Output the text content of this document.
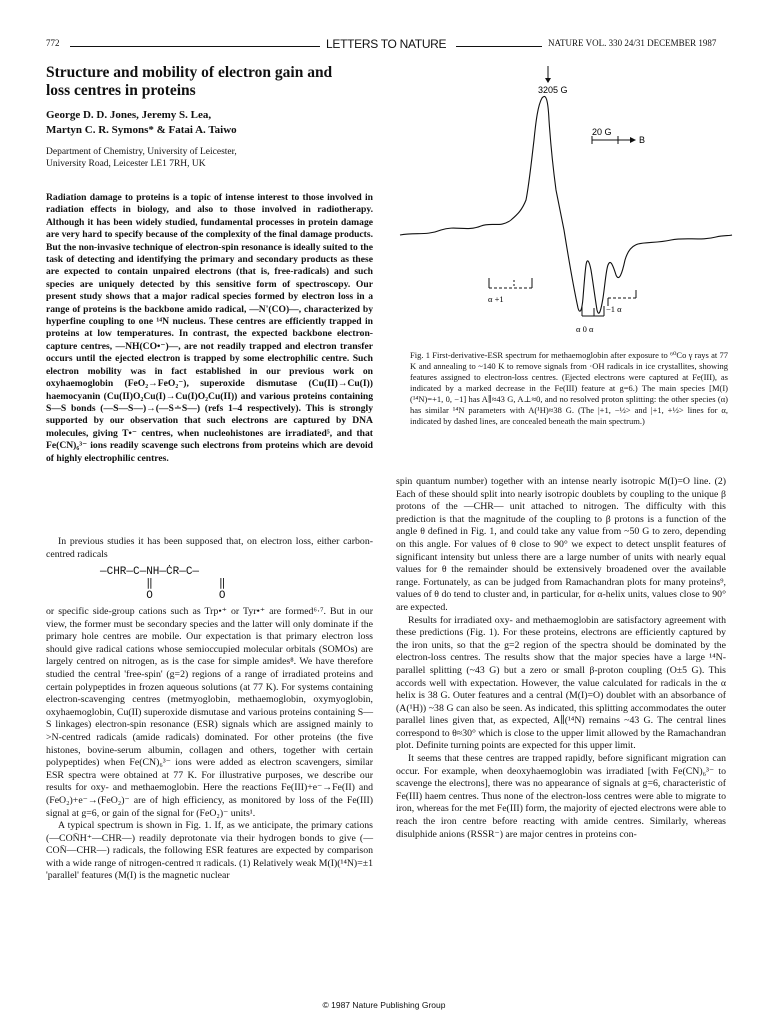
772	LETTERS TO NATURE	NATURE VOL. 330 24/31 DECEMBER 1987
Structure and mobility of electron gain and loss centres in proteins
George D. D. Jones, Jeremy S. Lea,
Martyn C. R. Symons* & Fatai A. Taiwo
Department of Chemistry, University of Leicester,
University Road, Leicester LE1 7RH, UK
Radiation damage to proteins is a topic of intense interest to those involved in radiation effects in biology, and also to those involved in radiotherapy. Although it has been widely studied, fundamental processes in protein damage are very hard to specify because of the complexity of the final damage products. But the non-invasive technique of electron-spin resonance is ideally suited to the task of detecting and identifying the primary and secondary products as these are expected to contain unpaired electrons (that is, free-radicals) and such species are uniquely detected by this sensitive form of spectroscopy. Our present study shows that a major radical species formed by electron loss in a range of proteins is the backbone amido radical, —N'(CO)—, characterized by hyperfine coupling to one ¹⁴N nucleus. These centres are efficiently trapped in proteins at low temperatures. In contrast, the expected backbone electron-capture centres, —NH(CO•⁻)—, are not readily trapped and electron transfer occurs until the ejected electron is trapped by some electrophilic centre. Such electron mobility was in fact established in our previous work on oxyhaemoglobin (FeO₂→FeO₂⁻), superoxide dismutase (Cu(II)→Cu(I)) haemocyanin (Cu(II)O₂Cu(I)→Cu(I)O₂Cu(II)) and various proteins containing S—S bonds (—S—S—)→(—S∸S—) (refs 1–4 respectively). This is strongly supported by our observation that such electrons are captured by DNA molecules, giving T•⁻ centres, when nucleohistones are irradiated⁵, and that Fe(CN)₆³⁻ ions readily scavenge such electrons from proteins which are devoid of highly electrophilic centres.

In previous studies it has been supposed that, on electron loss, either carbon-centred radicals

—CHR—C—NH—ĊR—C—
‖          ‖
O          O

or specific side-group cations such as Trp•⁺ or Tyr•⁺ are formed⁶·⁷. But in our view, the former must be secondary species and the latter will only dominate if the primary hole centres are mobile. Our expectation is that primary electron loss should give radical cations whose semioccupied molecular orbitals (SOMOs) are largely centred on nitrogen, as is the case for simple amides⁸. We have therefore studied the central 'free-spin' (g=2) regions of a range of irradiated proteins and certain polypeptides in frozen aqueous solutions (at 77 K). For systems containing electron-scavenging centres (metmyoglobin, methaemoglobin, oxymyoglobin, oxyhaemoglobin, Cu(II) superoxide dismutase and various proteins containing S—S linkages) electron-spin resonance (ESR) signals which are assigned mainly to >N-centred radicals (amide radicals) dominated. For other proteins (the five histones, bovine-serum albumin, collagen and others, together with certain polypeptides) when Fe(CN)₆³⁻ ions were added as electron scavengers, similar ESR spectra were obtained at 77 K. For illustrative purposes, we describe our results for oxy- and methaemoglobin. Here the reactions Fe(III)+e⁻→Fe(II) and (FeO₂)+e⁻→(FeO₂)⁻ are of high efficiency, as monitored by loss of the Fe(III) signal at g=6, or gain of the signal for (FeO₂)⁻ units¹.

A typical spectrum is shown in Fig. 1. If, as we anticipate, the primary cations (—CON̈H⁺—CHR—) readily deprotonate via their hydrogen bonds to give (—CON̈—CHR—) radicals, the following ESR features are expected by comparison with a wide range of nitrogen-centred π radicals. (1) Relatively weak M(I)(¹⁴N)=±1 'parallel' features (M(I) is the magnetic nuclear

3205 G
20 G
B
α +1
−1 α
α 0 α
Fig. 1 First-derivative-ESR spectrum for methaemoglobin after exposure to ⁶⁰Co γ rays at 77 K and annealing to ~140 K to remove signals from ·OH radicals in ice crystallites, showing features assigned to electron-loss centres. (Ejected electrons were captured at Fe(III), as indicated by a marked decrease in the Fe(III) feature at g=6.) The main species [M(I)(¹⁴N)=+1, 0, −1] has A∥≈43 G, A⊥≈0, and no resolved proton splitting: the other species (α) has similar ¹⁴N parameters with A(¹H)≈38 G. (The |+1, −½> and |+1, +½> lines for α, indicated by dashed lines, are concealed beneath the main spectrum.)

spin quantum number) together with an intense nearly isotropic M(I)=O line. (2) Each of these should split into nearly isotropic doublets by coupling to the unique β protons of the —CHR— unit attached to nitrogen. The difficulty with this prediction is that the magnitude of the coupling to β protons is a function of the angle θ defined in Fig. 1, and could take any value from ~50 G to zero, depending on this angle. For values of θ close to 90° we expect to detect unsplit features of significant intensity but unless there are a large number of units with nearly equal values for θ the remainder should be extensively broadened over the available range. Fortunately, as can be judged from Ramachandran plots for many proteins⁹, values of θ do tend to cluster and, in particular, for α-helix units, values close to 90° are expected.

Results for irradiated oxy- and methaemoglobin are satisfactory agreement with these predictions (Fig. 1). For these proteins, electrons are efficiently captured by the iron units, so that the g=2 region of the spectra should be dominated by the electron-loss centres. The results show that the major species have a large ¹⁴N-parallel splitting (~43 G) but a zero or small β-proton coupling (O±5 G). This accords well with expectation. However, the value calculated for radicals in the α helix is 38 G. Outer features and a central (M(I)=O) doublet with an absorbance of (A(¹H)) ~38 G can also be seen. As indicated, this splitting accommodates the outer parallel lines given that, as expected, A∥(¹⁴N) remains ~43 G. The central lines correspond to θ≈30° which is close to the upper limit allowed by the Ramachandran plot. Definite turning points are expected for this upper limit.

It seems that these centres are trapped rapidly, before significant migration can occur. For example, when deoxyhaemoglobin was irradiated [with Fe(CN)₆³⁻ to scavenge the electrons], there was no appearance of signals at g=6, characteristic of Fe(III) haem centres. Thus none of the electron-loss centres were able to migrate to iron, whereas for the met Fe(III) form, the majority of ejected electrons were able to reach the iron centre before reacting with amide centres. Similarly, whereas disulphide anions (RSSR⁻) are major centres in proteins con-

© 1987 Nature Publishing Group
